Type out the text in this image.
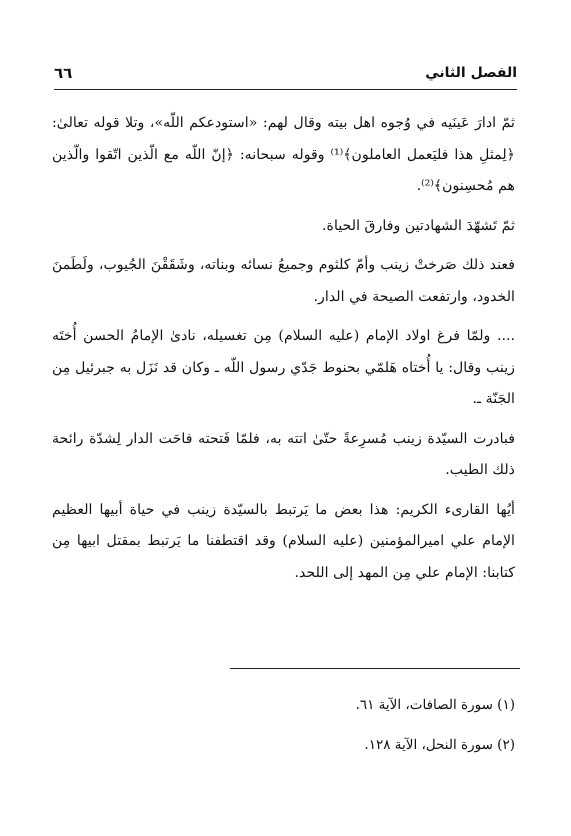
الفصل الثاني
٦٦

ثمّ ادارَ عَينَيه في وُجوه اهل بيته وقال لهم: «استودعكم اللّه»، وتلا قوله تعالىٰ: ﴿لِمثلِ هذا فليَعمل العاملون﴾⁽¹⁾ وقوله سبحانه: ﴿إنّ اللّه مع الّذين اتّقوا والّذين هم مُحسِنون﴾⁽²⁾.

ثمّ تَشهّدَ الشهادتين وفارقَ الحياة.

فعند ذلك صَرختْ زينب وأمّ كلثوم وجميعُ نسائه وبناته، وشَقَقْنَ الجُيوب، ولَطَمنَ الخدود، وارتفعت الصيحة في الدار.

.... ولمّا فرغ اولاد الإمام (عليه السلام) مِن تغسيله، نادىٰ الإمامُ الحسن أُختَه زينب وقال: يا أُختاه هَلمّي بحنوط جَدّي رسول اللّه ـ وكان قد نَزَل به جبرئيل مِن الجَنّة ـ.

فبادرت السيّدة زينب مُسرِعةً حتّىٰ اتته به، فلمّا فَتحته فاحَت الدار لِشدّة رائحة ذلك الطيب.

أيُها القارىء الكريم: هذا بعض ما يَرتبط بالسيّدة زينب في حياة أبيها العظيم الإمام علي اميرالمؤمنين (عليه السلام) وقد اقتطفنا ما يَرتبط بمقتل ابيها مِن كتابنا: الإمام علي مِن المهد إلى اللحد.

(١) سورة الصافات، الآية ٦١.
(٢) سورة النحل، الآية ١٢٨.
